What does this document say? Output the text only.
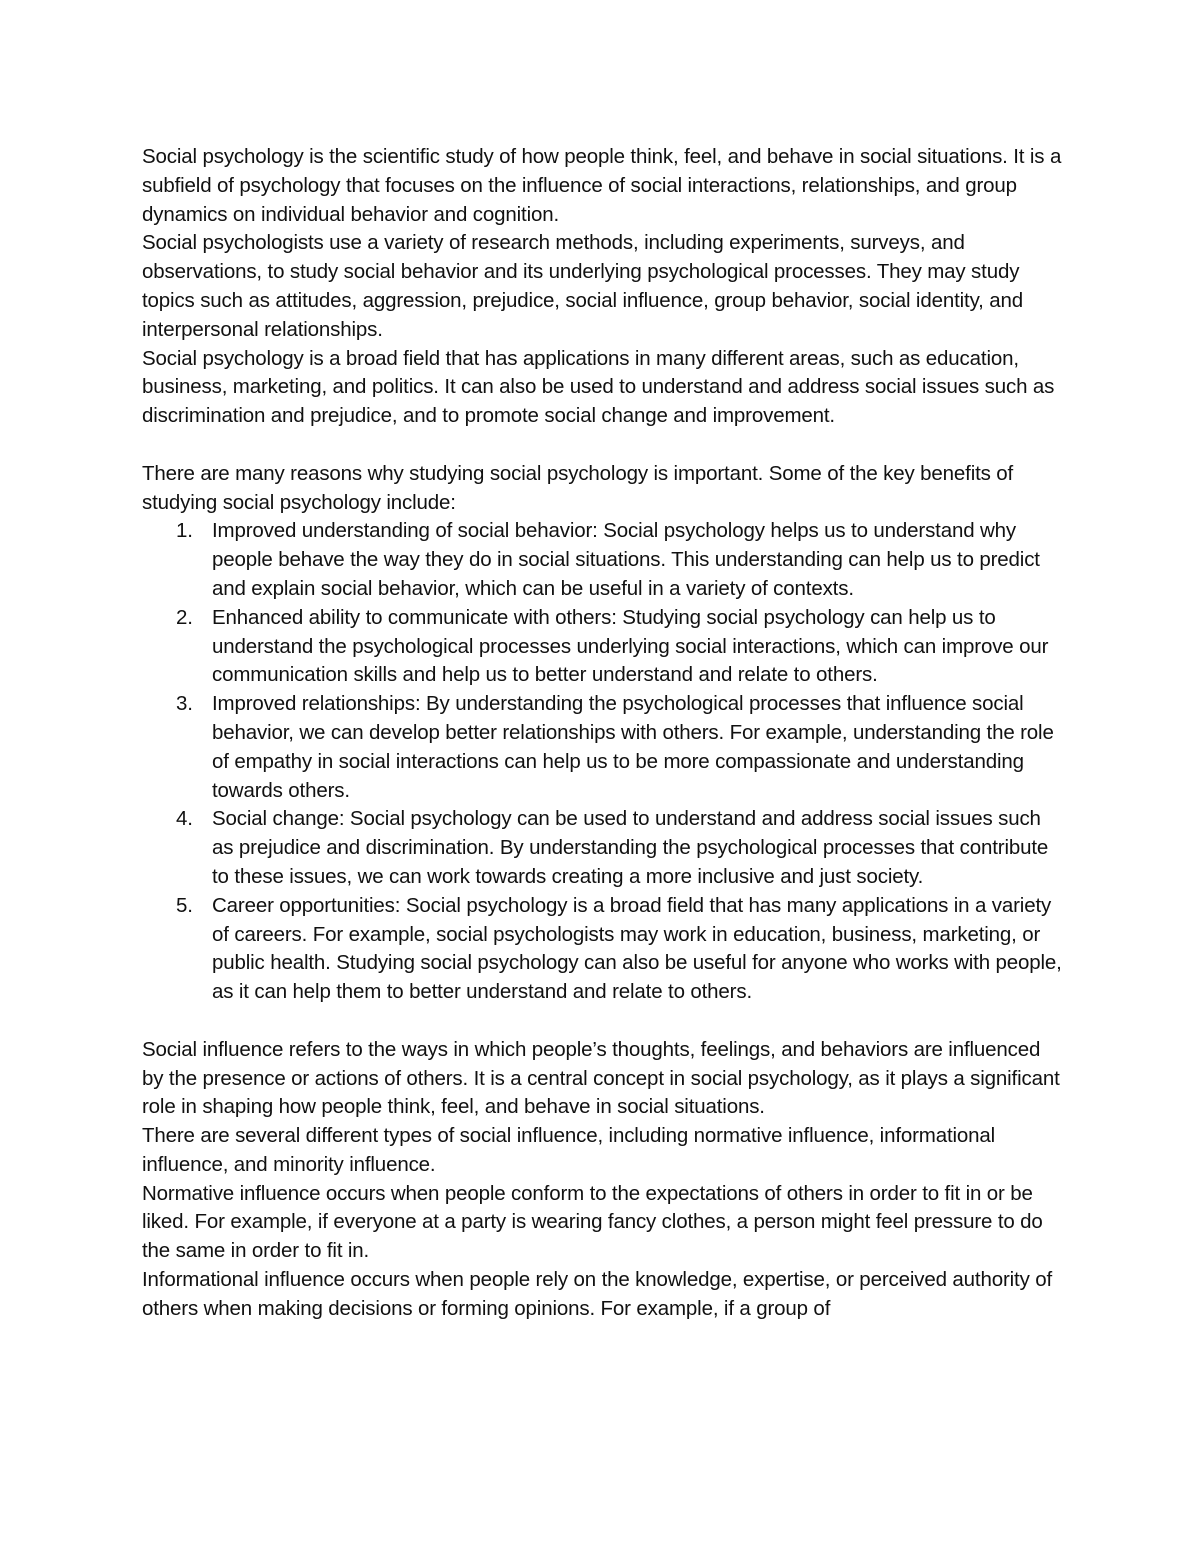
Social psychology is the scientific study of how people think, feel, and behave in social situations. It is a subfield of psychology that focuses on the influence of social interactions, relationships, and group dynamics on individual behavior and cognition.

Social psychologists use a variety of research methods, including experiments, surveys, and observations, to study social behavior and its underlying psychological processes. They may study topics such as attitudes, aggression, prejudice, social influence, group behavior, social identity, and interpersonal relationships.

Social psychology is a broad field that has applications in many different areas, such as education, business, marketing, and politics. It can also be used to understand and address social issues such as discrimination and prejudice, and to promote social change and improvement.

There are many reasons why studying social psychology is important. Some of the key benefits of studying social psychology include:

1. Improved understanding of social behavior: Social psychology helps us to understand why people behave the way they do in social situations. This understanding can help us to predict and explain social behavior, which can be useful in a variety of contexts.
2. Enhanced ability to communicate with others: Studying social psychology can help us to understand the psychological processes underlying social interactions, which can improve our communication skills and help us to better understand and relate to others.
3. Improved relationships: By understanding the psychological processes that influence social behavior, we can develop better relationships with others. For example, understanding the role of empathy in social interactions can help us to be more compassionate and understanding towards others.
4. Social change: Social psychology can be used to understand and address social issues such as prejudice and discrimination. By understanding the psychological processes that contribute to these issues, we can work towards creating a more inclusive and just society.
5. Career opportunities: Social psychology is a broad field that has many applications in a variety of careers. For example, social psychologists may work in education, business, marketing, or public health. Studying social psychology can also be useful for anyone who works with people, as it can help them to better understand and relate to others.

Social influence refers to the ways in which people’s thoughts, feelings, and behaviors are influenced by the presence or actions of others. It is a central concept in social psychology, as it plays a significant role in shaping how people think, feel, and behave in social situations.

There are several different types of social influence, including normative influence, informational influence, and minority influence.

Normative influence occurs when people conform to the expectations of others in order to fit in or be liked. For example, if everyone at a party is wearing fancy clothes, a person might feel pressure to do the same in order to fit in.

Informational influence occurs when people rely on the knowledge, expertise, or perceived authority of others when making decisions or forming opinions. For example, if a group of
